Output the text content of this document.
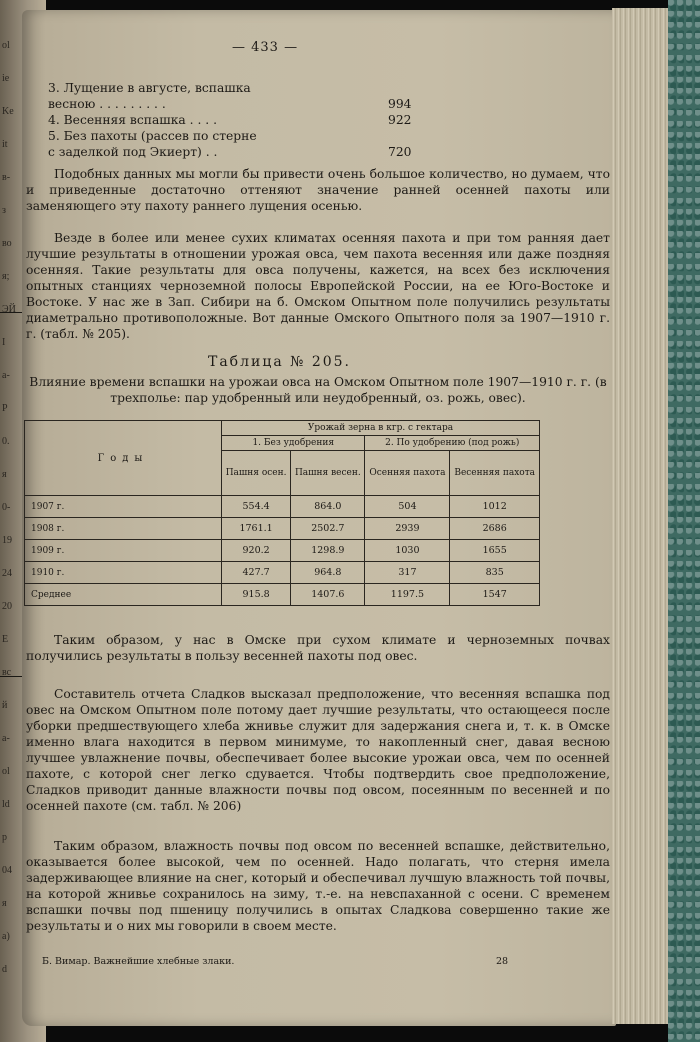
ol
ie
Ke
it
в-
з
во
я;
ЭЙ
I
а-
P
0.
я
0-
19
24
20
E
вс
й
a-
ol
ld
p
04
я
a)
d
— 433 —
3. Лущение в августе, вспашка
весною . . . . . . . . .	994
4. Весенняя вспашка . . . .	922
5. Без пахоты (рассев по стерне
с заделкой под Экиерт) . .	720
Подобных данных мы могли бы привести очень большое количество, но думаем, что и приведенные достаточно оттеняют значение ранней осенней пахоты или заменяющего эту пахоту раннего лущения осенью.
Везде в более или менее сухих климатах осенняя пахота и при том ранняя дает лучшие результаты в отношении урожая овса, чем пахота весенняя или даже поздняя осенняя. Такие результаты для овса получены, кажется, на всех без исключения опытных станциях черноземной полосы Европейской России, на ее Юго-Востоке и Востоке. У нас же в Зап. Сибири на б. Омском Опытном поле получились результаты диаметрально противоположные. Вот данные Омского Опытного поля за 1907—1910 г. г. (табл. № 205).
Таблица № 205.
Влияние времени вспашки на урожаи овса на Омском Опытном поле 1907—1910 г. г. (в трехполье: пар удобренный или неудобренный, оз. рожь, овес).
Годы	Урожай зерна в кгр. с гектара			
	1. Без удобрения		2. По удобрению (под рожь)	
	Пашня осен.	Пашня весен.	Осенняя пахота	Весенняя пахота
1907 г.	554.4	864.0	504	1012
1908 г.	1761.1	2502.7	2939	2686
1909 г.	920.2	1298.9	1030	1655
1910 г.	427.7	964.8	317	835
Среднее	915.8	1407.6	1197.5	1547
Таким образом, у нас в Омске при сухом климате и черноземных почвах получились результаты в пользу весенней пахоты под овес.
Составитель отчета Сладков высказал предположение, что весенняя вспашка под овес на Омском Опытном поле потому дает лучшие результаты, что остающееся после уборки предшествующего хлеба жнивье служит для задержания снега и, т. к. в Омске именно влага находится в первом минимуме, то накопленный снег, давая весною лучшее увлажнение почвы, обеспечивает более высокие урожаи овса, чем по осенней пахоте, с которой снег легко сдувается. Чтобы подтвердить свое предположение, Сладков приводит данные влажности почвы под овсом, посеянным по весенней и по осенней пахоте (см. табл. № 206)
Таким образом, влажность почвы под овсом по весенней вспашке, действительно, оказывается более высокой, чем по осенней. Надо полагать, что стерня имела задерживающее влияние на снег, который и обеспечивал лучшую влажность той почвы, на которой жнивье сохранилось на зиму, т.-е. на невспаханной с осени. С временем вспашки почвы под пшеницу получились в опытах Сладкова совершенно такие же результаты и о них мы говорили в своем месте.
Б. Вимар. Важнейшие хлебные злаки.	28
